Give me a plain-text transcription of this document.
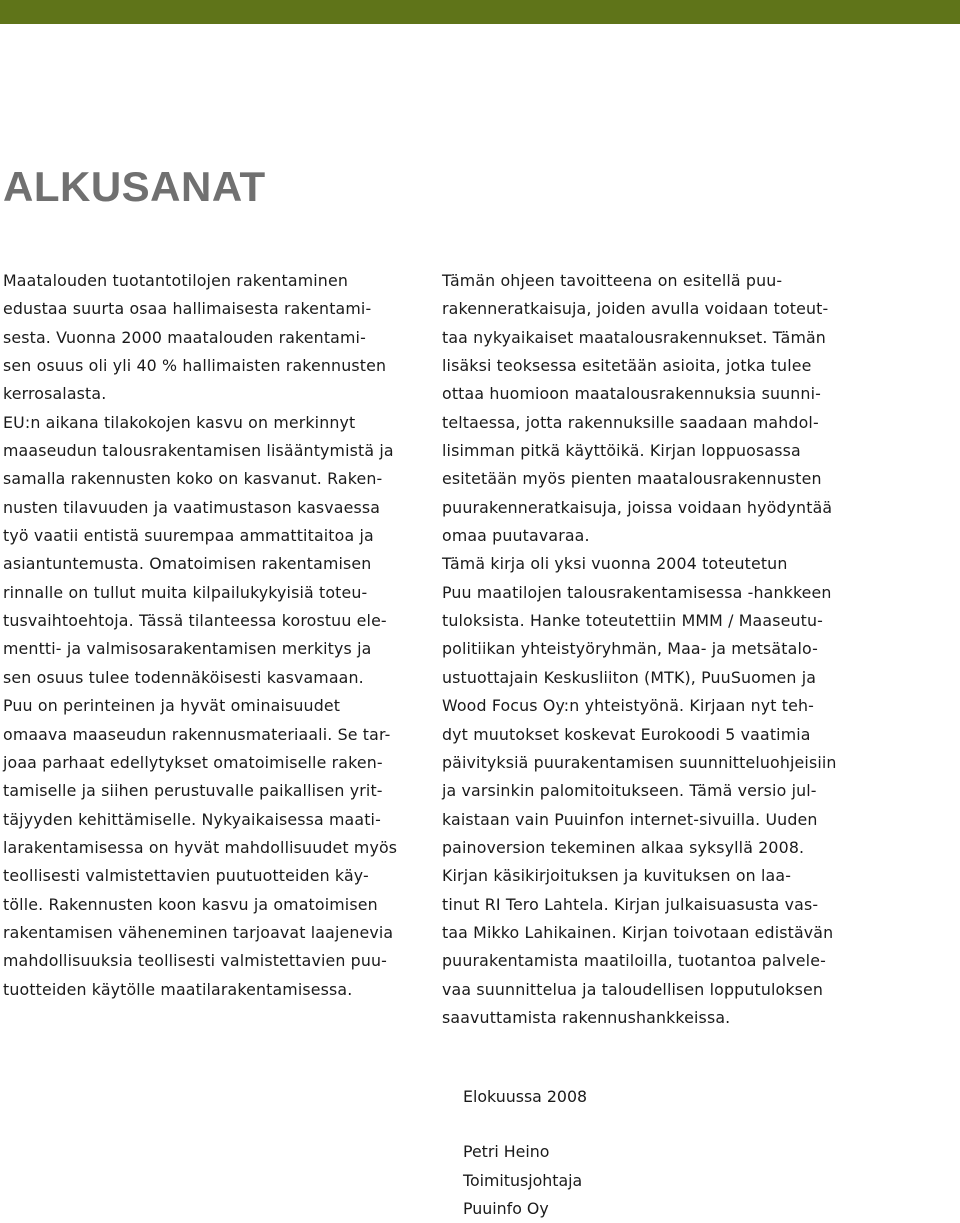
ALKUSANAT

Maatalouden tuotantotilojen rakentaminen
edustaa suurta osaa hallimaisesta rakentami-
sesta. Vuonna 2000 maatalouden rakentami-
sen osuus oli yli 40 % hallimaisten rakennusten
kerrosalasta.

EU:n aikana tilakokojen kasvu on merkinnyt
maaseudun talousrakentamisen lisääntymistä ja
samalla rakennusten koko on kasvanut. Raken-
nusten tilavuuden ja vaatimustason kasvaessa
työ vaatii entistä suurempaa ammattitaitoa ja
asiantuntemusta. Omatoimisen rakentamisen
rinnalle on tullut muita kilpailukykyisiä toteu-
tusvaihtoehtoja. Tässä tilanteessa korostuu ele-
mentti- ja valmisosarakentamisen merkitys ja
sen osuus tulee todennäköisesti kasvamaan.

Puu on perinteinen ja hyvät ominaisuudet
omaava maaseudun rakennusmateriaali. Se tar-
joaa parhaat edellytykset omatoimiselle raken-
tamiselle ja siihen perustuvalle paikallisen yrit-
täjyyden kehittämiselle. Nykyaikaisessa maati-
larakentamisessa on hyvät mahdollisuudet myös
teollisesti valmistettavien puutuotteiden käy-
tölle. Rakennusten koon kasvu ja omatoimisen
rakentamisen väheneminen tarjoavat laajenevia
mahdollisuuksia teollisesti valmistettavien puu-
tuotteiden käytölle maatilarakentamisessa.

Tämän ohjeen tavoitteena on esitellä puu-
rakenneratkaisuja, joiden avulla voidaan toteut-
taa nykyaikaiset maatalousrakennukset. Tämän
lisäksi teoksessa esitetään asioita, jotka tulee
ottaa huomioon maatalousrakennuksia suunni-
teltaessa, jotta rakennuksille saadaan mahdol-
lisimman pitkä käyttöikä. Kirjan loppuosassa
esitetään myös pienten maatalousrakennusten
puurakenneratkaisuja, joissa voidaan hyödyntää
omaa puutavaraa.

Tämä kirja oli yksi vuonna 2004 toteutetun
Puu maatilojen talousrakentamisessa -hankkeen
tuloksista. Hanke toteutettiin MMM / Maaseutu-
politiikan yhteistyöryhmän, Maa- ja metsätalo-
ustuottajain Keskusliiton (MTK), PuuSuomen ja
Wood Focus Oy:n yhteistyönä. Kirjaan nyt teh-
dyt muutokset koskevat Eurokoodi 5 vaatimia
päivityksiä puurakentamisen suunnitteluohjeisiin
ja varsinkin palomitoitukseen. Tämä versio jul-
kaistaan vain Puuinfon internet-sivuilla. Uuden
painoversion tekeminen alkaa syksyllä 2008.

Kirjan käsikirjoituksen ja kuvituksen on laa-
tinut RI Tero Lahtela. Kirjan julkaisuasusta vas-
taa Mikko Lahikainen. Kirjan toivotaan edistävän
puurakentamista maatiloilla, tuotantoa palvele-
vaa suunnittelua ja taloudellisen lopputuloksen
saavuttamista rakennushankkeissa.

Elokuussa 2008

Petri Heino

Toimitusjohtaja

Puuinfo Oy
